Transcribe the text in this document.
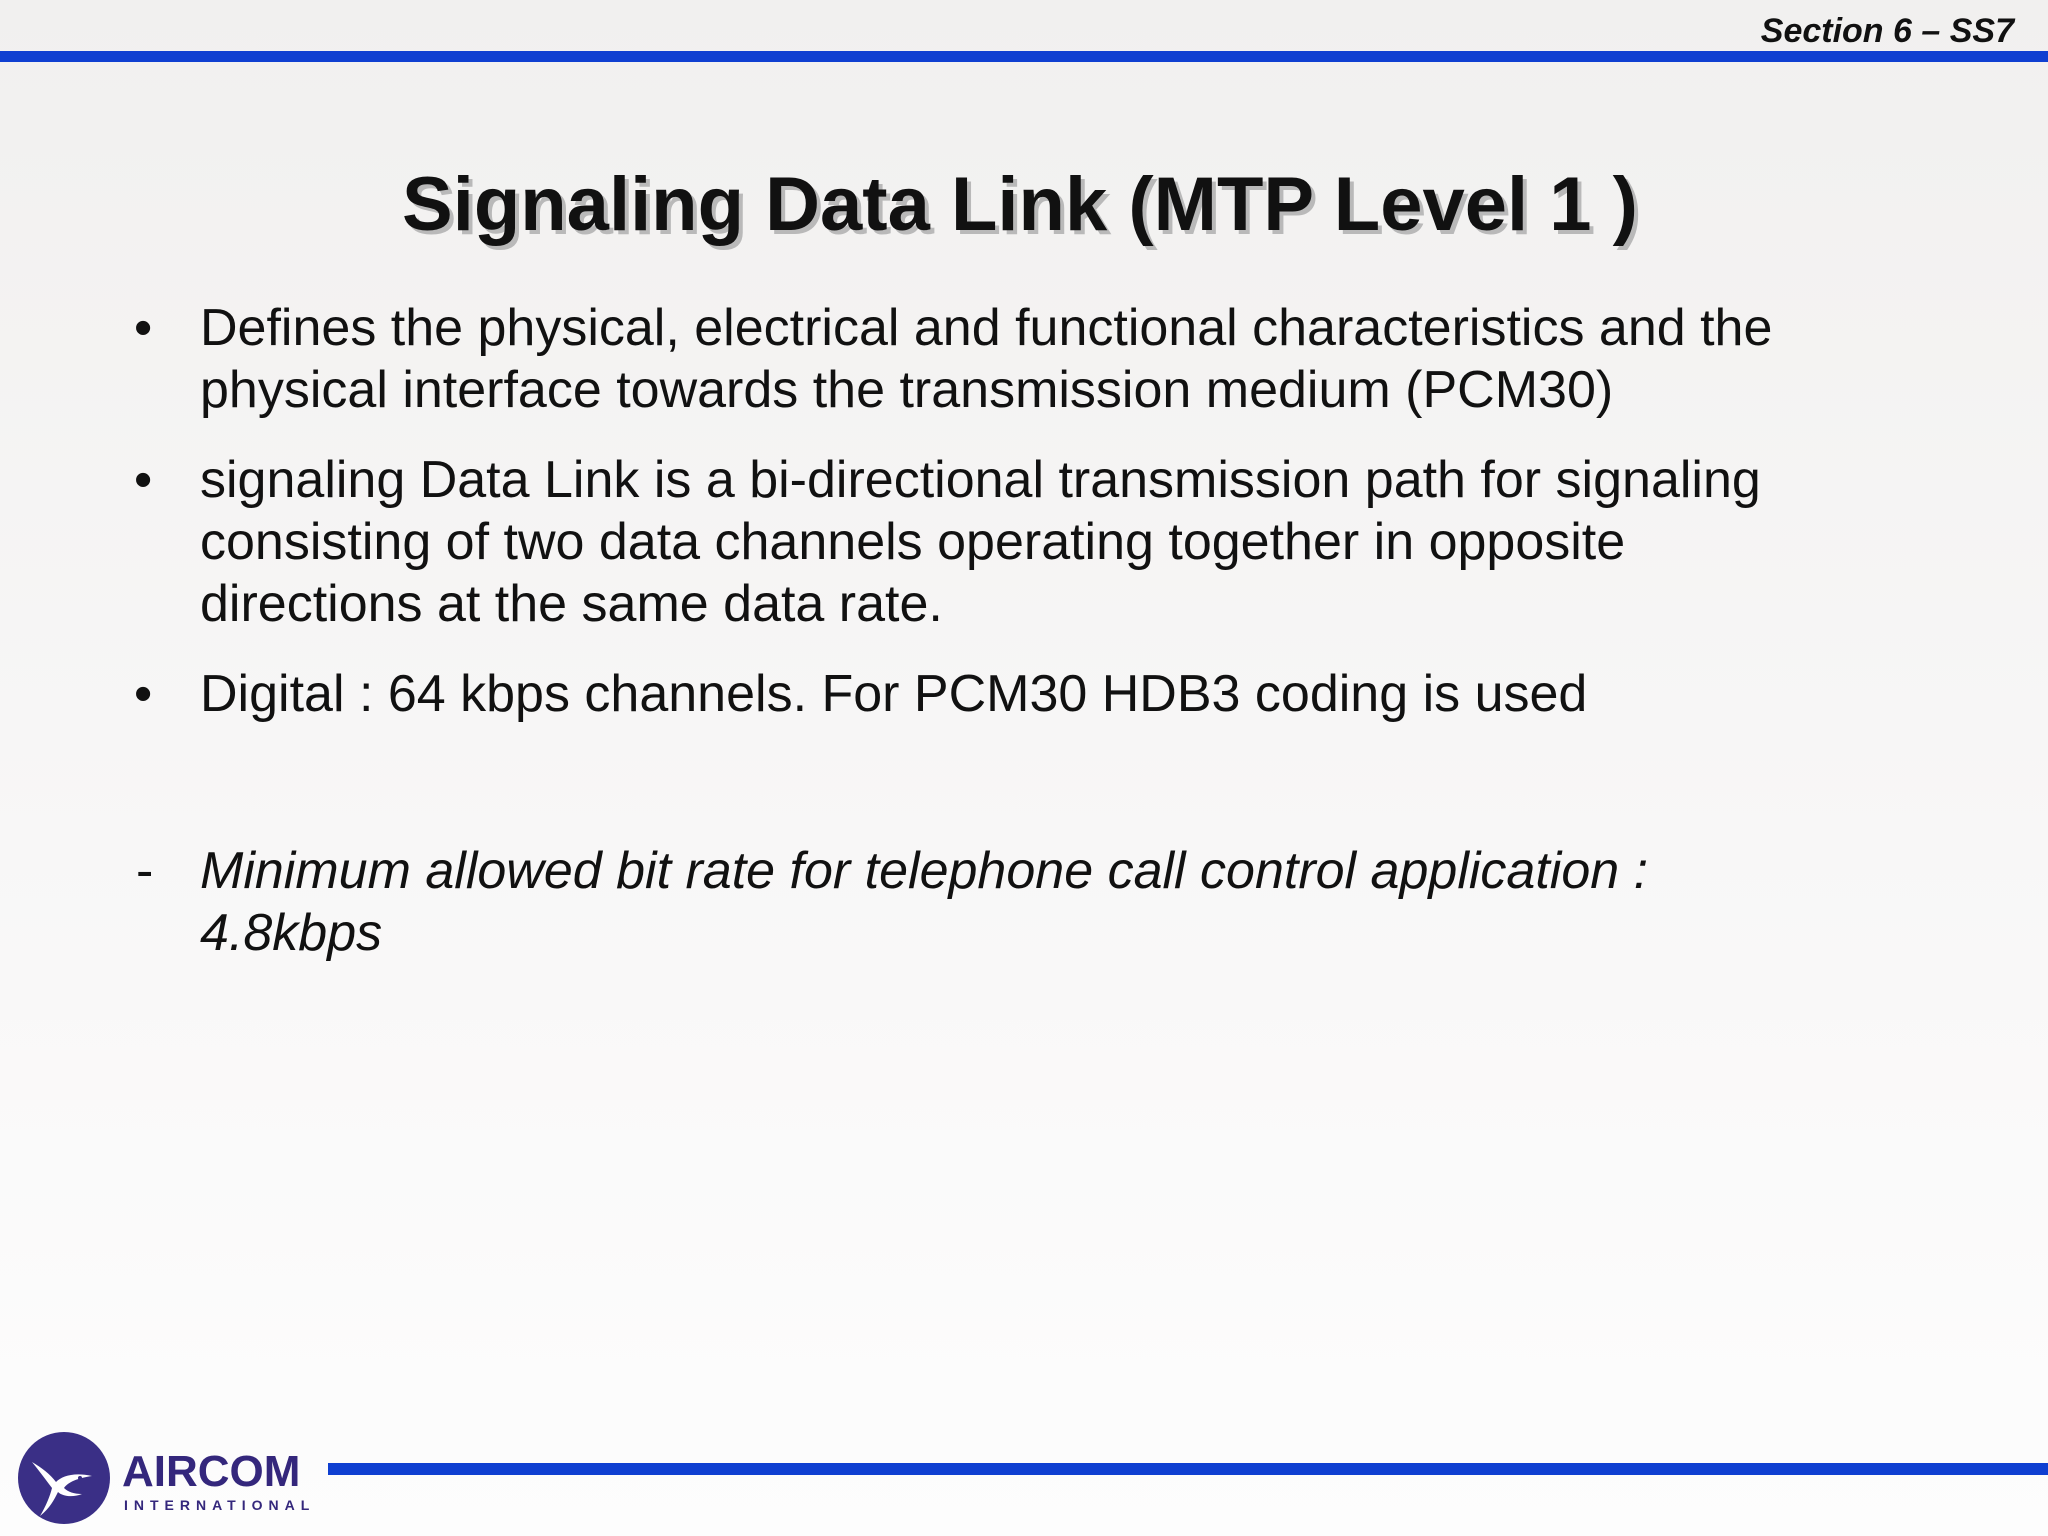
Section 6 – SS7
Signaling Data Link (MTP Level 1 )
• Defines the physical, electrical and functional characteristics and the
physical interface towards the transmission medium (PCM30)
• signaling Data Link is a bi-directional transmission path for signaling
consisting of two data channels operating together in opposite
directions at the same data rate.
• Digital : 64 kbps channels. For PCM30 HDB3 coding is used
- Minimum allowed bit rate for telephone call control application :
4.8kbps
AIRCOM
INTERNATIONAL
